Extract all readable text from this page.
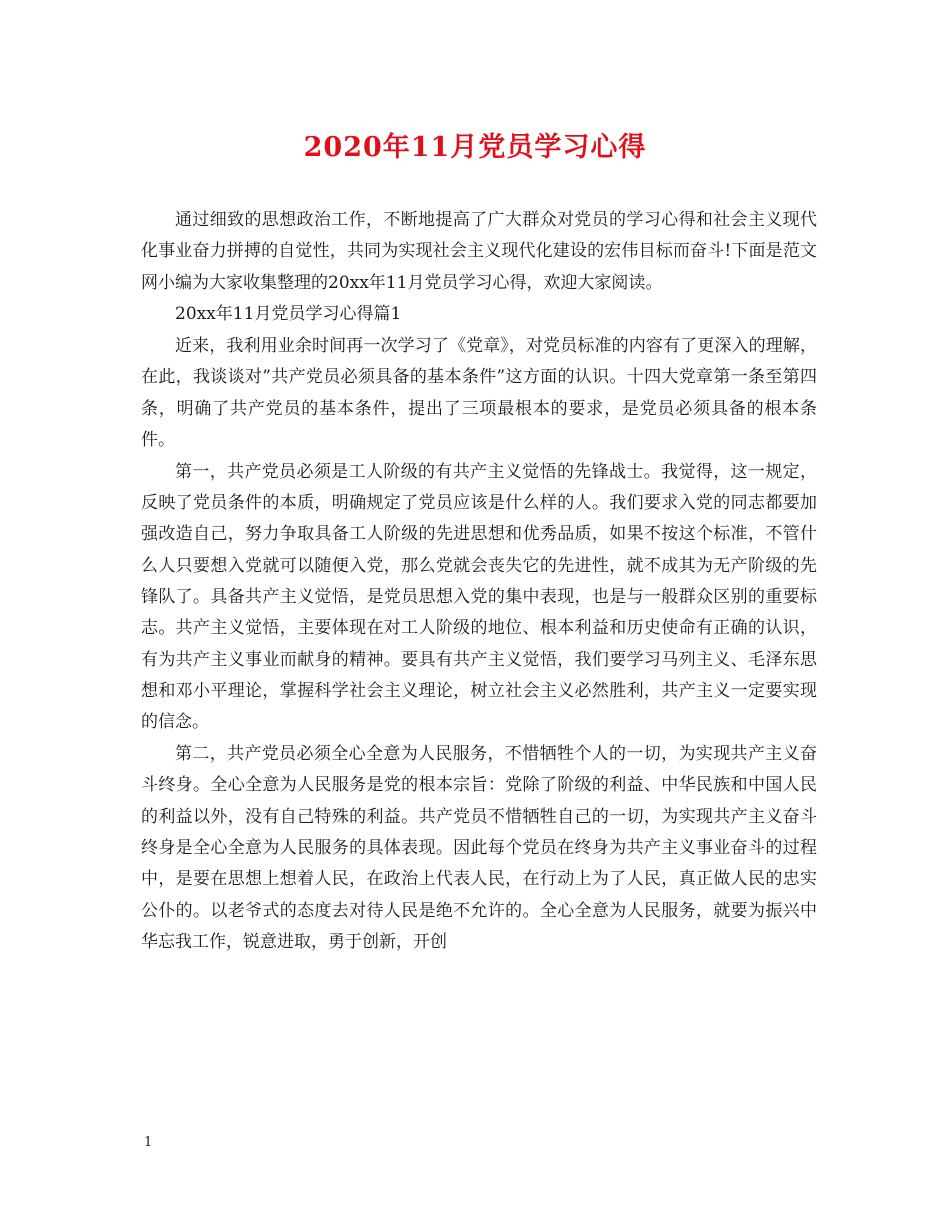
2020年11月党员学习心得

通过细致的思想政治工作，不断地提高了广大群众对党员的学习心得和社会主义现代化事业奋力拼搏的自觉性，共同为实现社会主义现代化建设的宏伟目标而奋斗!下面是范文网小编为大家收集整理的20xx年11月党员学习心得，欢迎大家阅读。

20xx年11月党员学习心得篇1

近来，我利用业余时间再一次学习了《党章》，对党员标准的内容有了更深入的理解，在此，我谈谈对”共产党员必须具备的基本条件”这方面的认识。十四大党章第一条至第四条，明确了共产党员的基本条件，提出了三项最根本的要求，是党员必须具备的根本条件。

第一，共产党员必须是工人阶级的有共产主义觉悟的先锋战士。我觉得，这一规定，反映了党员条件的本质，明确规定了党员应该是什么样的人。我们要求入党的同志都要加强改造自己，努力争取具备工人阶级的先进思想和优秀品质，如果不按这个标准，不管什么人只要想入党就可以随便入党，那么党就会丧失它的先进性，就不成其为无产阶级的先锋队了。具备共产主义觉悟，是党员思想入党的集中表现，也是与一般群众区别的重要标志。共产主义觉悟，主要体现在对工人阶级的地位、根本利益和历史使命有正确的认识，有为共产主义事业而献身的精神。要具有共产主义觉悟，我们要学习马列主义、毛泽东思想和邓小平理论，掌握科学社会主义理论，树立社会主义必然胜利，共产主义一定要实现的信念。

第二，共产党员必须全心全意为人民服务，不惜牺牲个人的一切，为实现共产主义奋斗终身。全心全意为人民服务是党的根本宗旨：党除了阶级的利益、中华民族和中国人民的利益以外，没有自己特殊的利益。共产党员不惜牺牲自己的一切，为实现共产主义奋斗终身是全心全意为人民服务的具体表现。因此每个党员在终身为共产主义事业奋斗的过程中，是要在思想上想着人民，在政治上代表人民，在行动上为了人民，真正做人民的忠实公仆的。以老爷式的态度去对待人民是绝不允许的。全心全意为人民服务，就要为振兴中华忘我工作，锐意进取，勇于创新，开创

1
